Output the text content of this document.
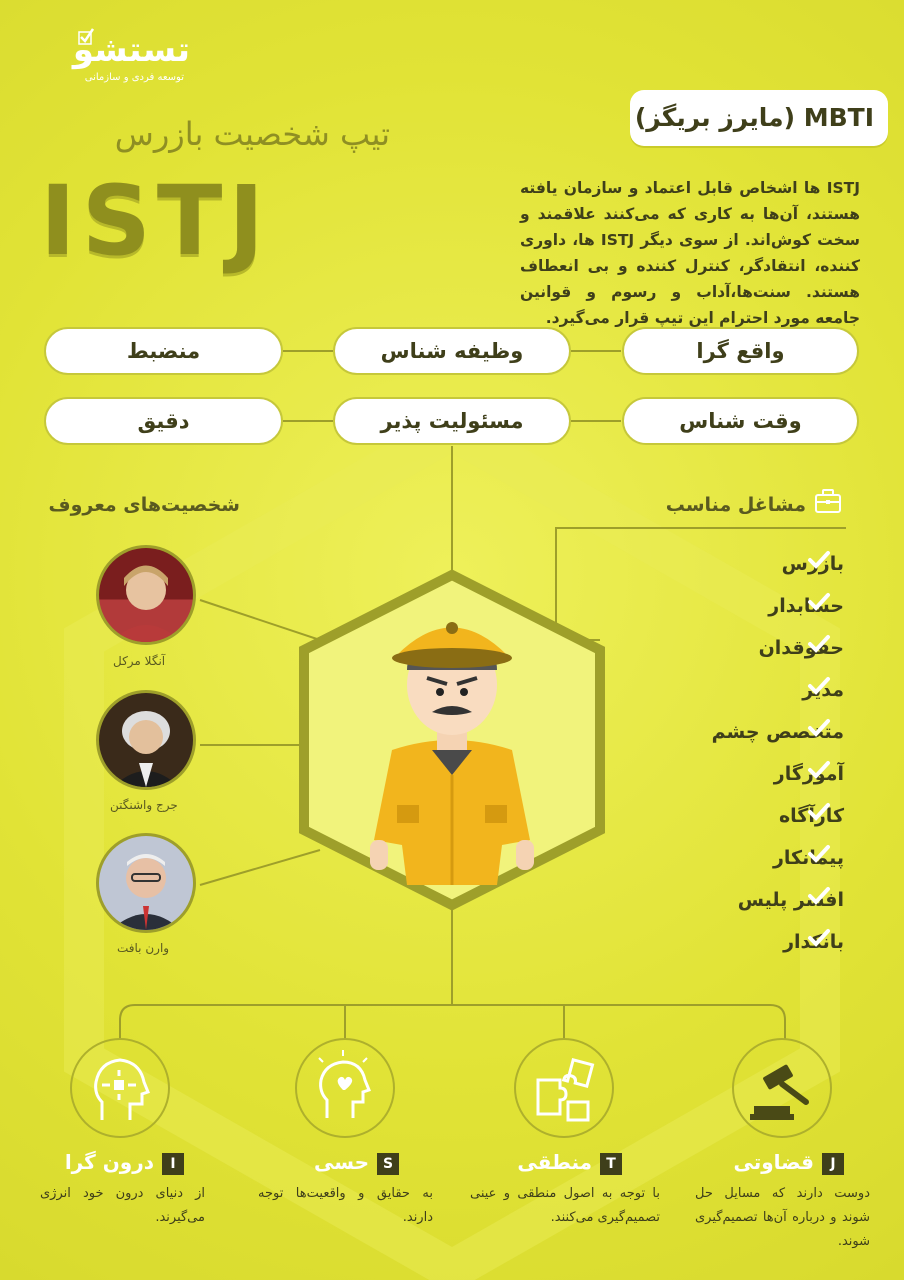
تستشو
توسعه فردی و سازمانی
MBTI (مایرز بریگز)
تیپ شخصیت بازرس
ISTJ	ISTJ ها اشخاص قابل اعتماد و سازمان یافته هستند، آن‌ها به کاری که می‌کنند علاقمند و سخت کوش‌اند. از سوی دیگر ISTJ ها، داوری کننده، انتقادگر، کنترل کننده و بی انعطاف هستند. سنت‌ها،آداب و رسوم و قوانین جامعه مورد احترام این تیپ قرار می‌گیرد.
واقع گرا
وظیفه شناس
منضبط
وقت شناس
مسئولیت پذیر
دقیق
شخصیت‌های معروف
آنگلا مرکل
جرج واشنگتن
وارن بافت
مشاغل مناسب
بازرس
حسابدار
حقوقدان
مدیر
متخصص چشم
آموزگار
کارآگاه
پیمانکار
افسر پلیس
بانکدار
Jقضاوتی
Tمنطقی
Sحسی
Iدرون گرا
دوست دارند که مسایل حل شوند و درباره آن‌ها تصمیم‌گیری شوند.
با توجه به اصول منطقی و عینی تصمیم‌گیری می‌کنند.
به حقایق و واقعیت‌ها توجه دارند.
از دنیای درون خود انرژی می‌گیرند.
